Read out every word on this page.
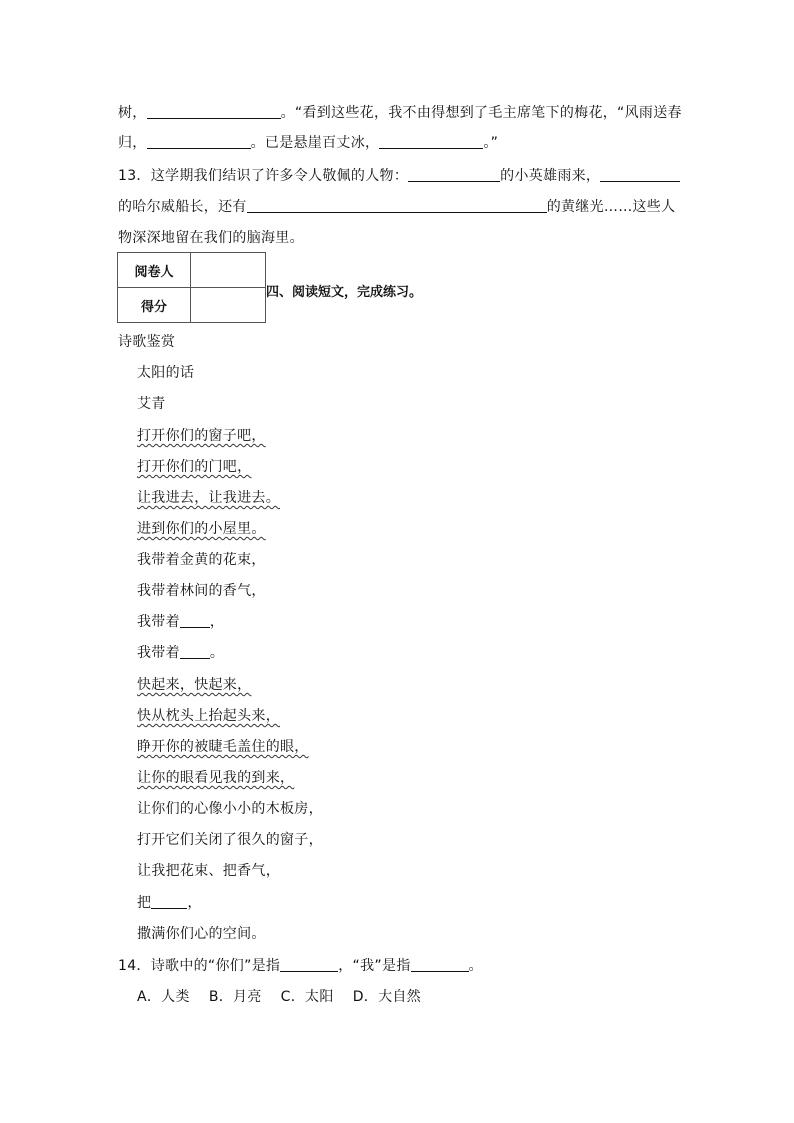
树，	。“看到这些花，我不由得想到了毛主席笔下的梅花，“风雨送春
归，	。已是悬崖百丈冰，	。”
13．这学期我们结识了许多令人敬佩的人物：	的小英雄雨来，
的哈尔威船长，还有	的黄继光……这些人
物深深地留在我们的脑海里。
阅卷人	
得分	
四、阅读短文，完成练习。
诗歌鉴赏
太阳的话
艾青
打开你们的窗子吧，
打开你们的门吧，
让我进去，让我进去。
进到你们的小屋里。
我带着金黄的花束，
我带着林间的香气，
我带着 ，
我带着 。
快起来，快起来，
快从枕头上抬起头来，
睁开你的被睫毛盖住的眼，
让你的眼看见我的到来，
让你们的心像小小的木板房，
打开它们关闭了很久的窗子，
让我把花束、把香气，
把	，
撒满你们心的空间。
14．诗歌中的“你们”是指	，“我”是指	。
A．人类　 B．月亮　 C．太阳　 D．大自然
